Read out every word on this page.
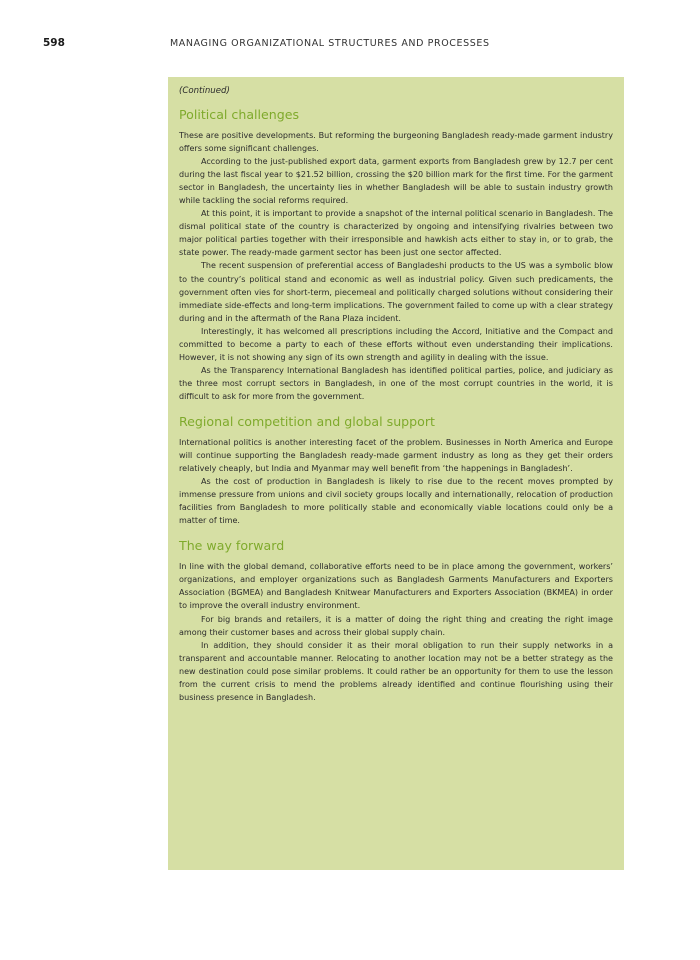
598	MANAGING ORGANIZATIONAL STRUCTURES AND PROCESSES
(Continued)
Political challenges

These are positive developments. But reforming the burgeoning Bangladesh ready-made garment industry offers some significant challenges.

According to the just-published export data, garment exports from Bangladesh grew by 12.7 per cent during the last fiscal year to $21.52 billion, crossing the $20 billion mark for the first time. For the garment sector in Bangladesh, the uncertainty lies in whether Bangladesh will be able to sustain industry growth while tackling the social reforms required.

At this point, it is important to provide a snapshot of the internal political scenario in Bangladesh. The dismal political state of the country is characterized by ongoing and intensifying rivalries between two major political parties together with their irresponsible and hawkish acts either to stay in, or to grab, the state power. The ready-made garment sector has been just one sector affected.

The recent suspension of preferential access of Bangladeshi products to the US was a symbolic blow to the country’s political stand and economic as well as industrial policy. Given such predicaments, the government often vies for short-term, piecemeal and politically charged solutions without considering their immediate side-effects and long-term implications. The government failed to come up with a clear strategy during and in the aftermath of the Rana Plaza incident.

Interestingly, it has welcomed all prescriptions including the Accord, Initiative and the Compact and committed to become a party to each of these efforts without even understanding their implications. However, it is not showing any sign of its own strength and agility in dealing with the issue.

As the Transparency International Bangladesh has identified political parties, police, and judiciary as the three most corrupt sectors in Bangladesh, in one of the most corrupt countries in the world, it is difficult to ask for more from the government.

Regional competition and global support

International politics is another interesting facet of the problem. Businesses in North America and Europe will continue supporting the Bangladesh ready-made garment industry as long as they get their orders relatively cheaply, but India and Myanmar may well benefit from ‘the happenings in Bangladesh’.

As the cost of production in Bangladesh is likely to rise due to the recent moves prompted by immense pressure from unions and civil society groups locally and internationally, relocation of production facilities from Bangladesh to more politically stable and economically viable locations could only be a matter of time.

The way forward

In line with the global demand, collaborative efforts need to be in place among the government, workers’ organizations, and employer organizations such as Bangladesh Garments Manufacturers and Exporters Association (BGMEA) and Bangladesh Knitwear Manufacturers and Exporters Association (BKMEA) in order to improve the overall industry environment.

For big brands and retailers, it is a matter of doing the right thing and creating the right image among their customer bases and across their global supply chain.

In addition, they should consider it as their moral obligation to run their supply networks in a transparent and accountable manner. Relocating to another location may not be a better strategy as the new destination could pose similar problems. It could rather be an opportunity for them to use the lesson from the current crisis to mend the problems already identified and continue flourishing using their business presence in Bangladesh.
